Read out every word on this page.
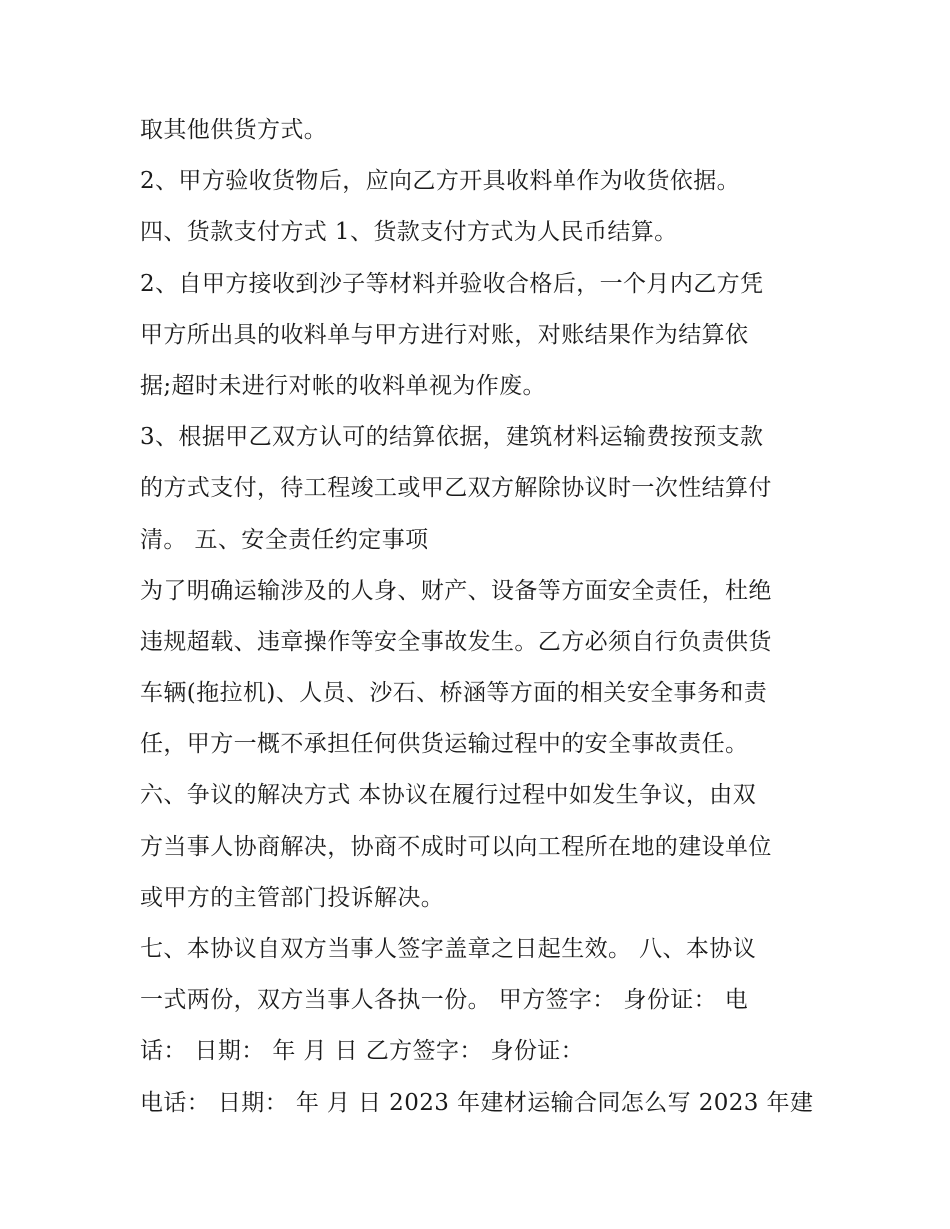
取其他供货方式。
2、甲方验收货物后，应向乙方开具收料单作为收货依据。
四、货款支付方式 1、货款支付方式为人民币结算。
2、自甲方接收到沙子等材料并验收合格后，一个月内乙方凭
甲方所出具的收料单与甲方进行对账，对账结果作为结算依
据;超时未进行对帐的收料单视为作废。
3、根据甲乙双方认可的结算依据，建筑材料运输费按预支款
的方式支付，待工程竣工或甲乙双方解除协议时一次性结算付
清。 五、安全责任约定事项
为了明确运输涉及的人身、财产、设备等方面安全责任，杜绝
违规超载、违章操作等安全事故发生。乙方必须自行负责供货
车辆(拖拉机)、人员、沙石、桥涵等方面的相关安全事务和责
任，甲方一概不承担任何供货运输过程中的安全事故责任。
六、争议的解决方式 本协议在履行过程中如发生争议，由双
方当事人协商解决，协商不成时可以向工程所在地的建设单位
或甲方的主管部门投诉解决。
七、本协议自双方当事人签字盖章之日起生效。 八、本协议
一式两份，双方当事人各执一份。 甲方签字： 身份证： 电
话： 日期： 年 月 日 乙方签字： 身份证：
电话： 日期： 年 月 日 2023 年建材运输合同怎么写 2023 年建
